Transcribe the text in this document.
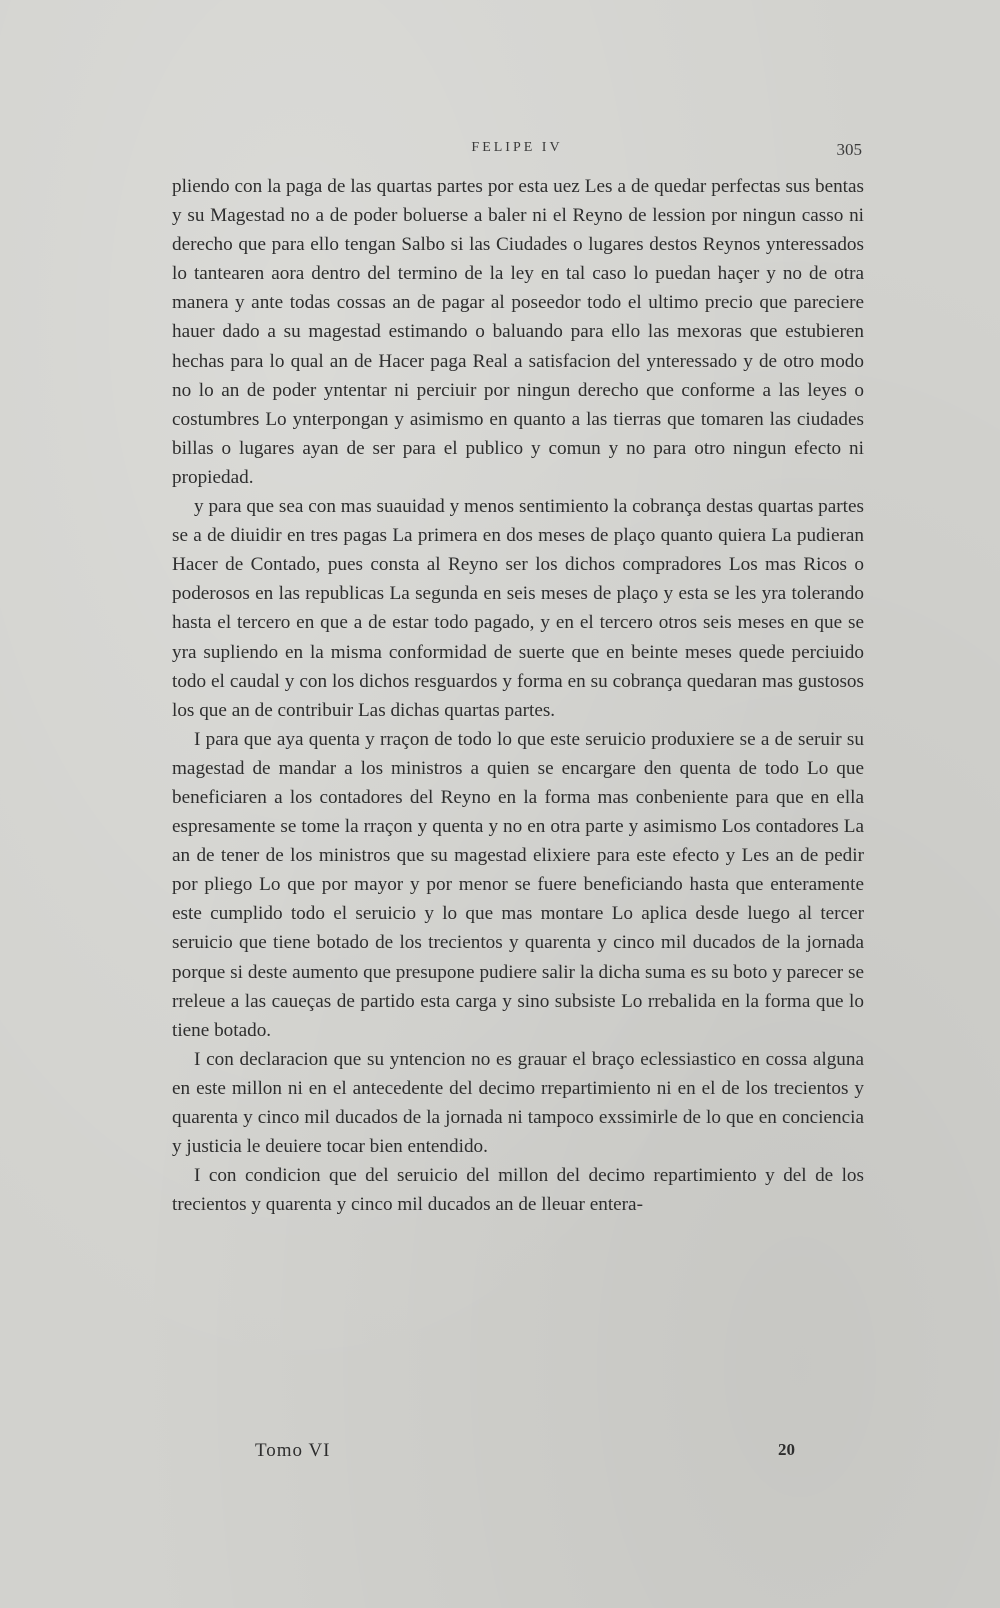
FELIPE IV	305

pliendo con la paga de las quartas partes por esta uez Les a de quedar perfectas sus bentas y su Magestad no a de poder boluerse a baler ni el Reyno de lession por ningun casso ni derecho que para ello tengan Salbo si las Ciudades o lugares destos Reynos ynteressados lo tantearen aora dentro del termino de la ley en tal caso lo puedan haçer y no de otra manera y ante todas cossas an de pagar al poseedor todo el ultimo precio que pareciere hauer dado a su magestad estimando o baluando para ello las mexoras que estubieren hechas para lo qual an de Hacer paga Real a satisfacion del ynteressado y de otro modo no lo an de poder yntentar ni perciuir por ningun derecho que conforme a las leyes o costumbres Lo ynterpongan y asimismo en quanto a las tierras que tomaren las ciudades billas o lugares ayan de ser para el publico y comun y no para otro ningun efecto ni propiedad.

y para que sea con mas suauidad y menos sentimiento la cobrança destas quartas partes se a de diuidir en tres pagas La primera en dos meses de plaço quanto quiera La pudieran Hacer de Contado, pues consta al Reyno ser los dichos compradores Los mas Ricos o poderosos en las republicas La segunda en seis meses de plaço y esta se les yra tolerando hasta el tercero en que a de estar todo pagado, y en el tercero otros seis meses en que se yra supliendo en la misma conformidad de suerte que en beinte meses quede perciuido todo el caudal y con los dichos resguardos y forma en su cobrança quedaran mas gustosos los que an de contribuir Las dichas quartas partes.

I para que aya quenta y rraçon de todo lo que este seruicio produxiere se a de seruir su magestad de mandar a los ministros a quien se encargare den quenta de todo Lo que beneficiaren a los contadores del Reyno en la forma mas conbeniente para que en ella espresamente se tome la rraçon y quenta y no en otra parte y asimismo Los contadores La an de tener de los ministros que su magestad elixiere para este efecto y Les an de pedir por pliego Lo que por mayor y por menor se fuere beneficiando hasta que enteramente este cumplido todo el seruicio y lo que mas montare Lo aplica desde luego al tercer seruicio que tiene botado de los trecientos y quarenta y cinco mil ducados de la jornada porque si deste aumento que presupone pudiere salir la dicha suma es su boto y parecer se rreleue a las caueças de partido esta carga y sino subsiste Lo rrebalida en la forma que lo tiene botado.

I con declaracion que su yntencion no es grauar el braço eclessiastico en cossa alguna en este millon ni en el antecedente del decimo rrepartimiento ni en el de los trecientos y quarenta y cinco mil ducados de la jornada ni tampoco exssimirle de lo que en conciencia y justicia le deuiere tocar bien entendido.

I con condicion que del seruicio del millon del decimo repartimiento y del de los trecientos y quarenta y cinco mil ducados an de lleuar entera-

Tomo VI	20
